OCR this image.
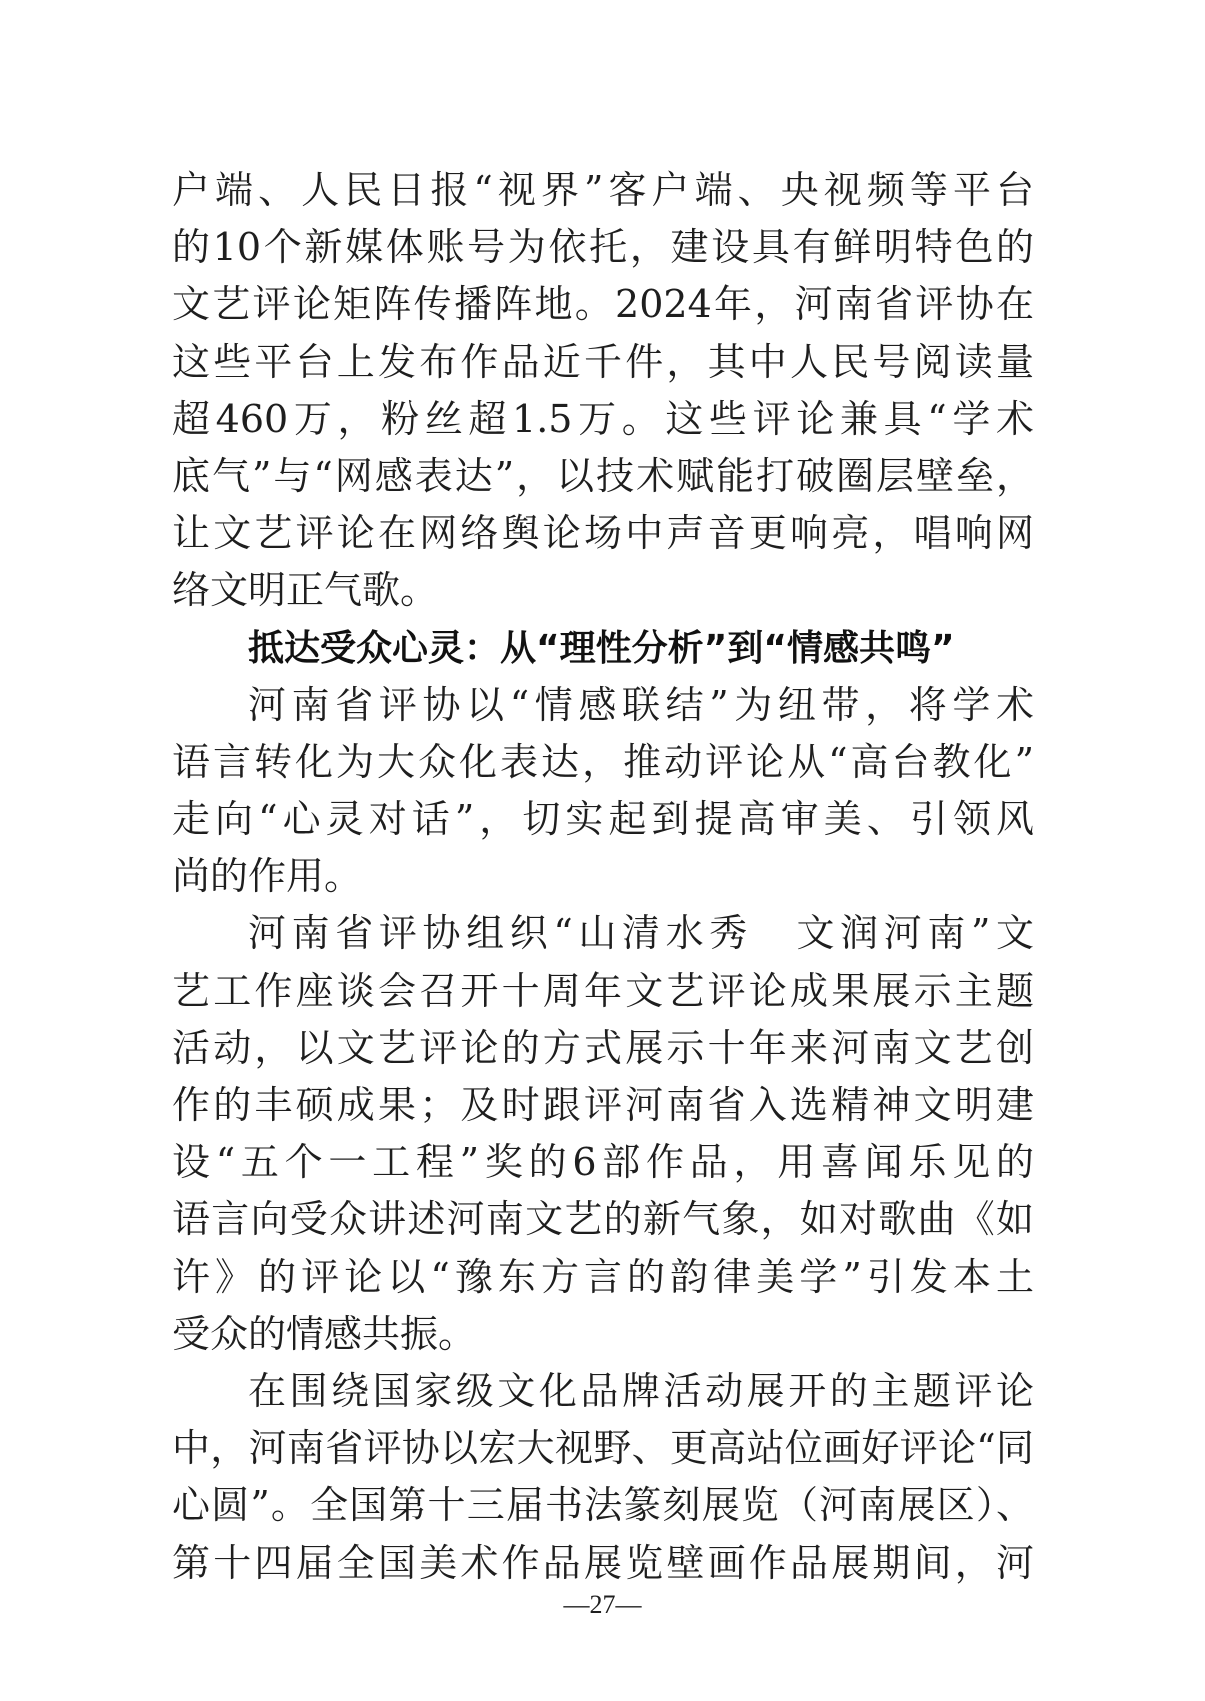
户端、人民日报“视界”客户端、央视频等平台
的10个新媒体账号为依托，建设具有鲜明特色的
文艺评论矩阵传播阵地。2024年，河南省评协在
这些平台上发布作品近千件，其中人民号阅读量
超460万，粉丝超1.5万。这些评论兼具“学术
底气”与“网感表达”，以技术赋能打破圈层壁垒，
让文艺评论在网络舆论场中声音更响亮，唱响网
络文明正气歌。
抵达受众心灵：从“理性分析”到“情感共鸣”
河南省评协以“情感联结”为纽带，将学术
语言转化为大众化表达，推动评论从“高台教化”
走向“心灵对话”，切实起到提高审美、引领风
尚的作用。
河南省评协组织“山清水秀　文润河南”文
艺工作座谈会召开十周年文艺评论成果展示主题
活动，以文艺评论的方式展示十年来河南文艺创
作的丰硕成果；及时跟评河南省入选精神文明建
设“五个一工程”奖的6部作品，用喜闻乐见的
语言向受众讲述河南文艺的新气象，如对歌曲《如
许》的评论以“豫东方言的韵律美学”引发本土
受众的情感共振。
在围绕国家级文化品牌活动展开的主题评论
中，河南省评协以宏大视野、更高站位画好评论“同
心圆”。全国第十三届书法篆刻展览（河南展区）、
第十四届全国美术作品展览壁画作品展期间，河
—27—
